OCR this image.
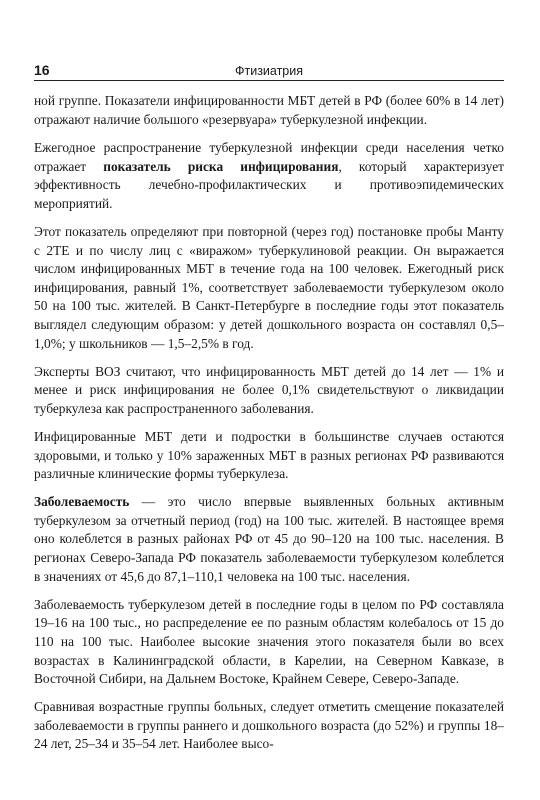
16	Фтизиатрия

ной группе. Показатели инфицированности МБТ детей в РФ (более 60% в 14 лет) отражают наличие большого «резервуара» туберкулезной инфекции.

Ежегодное распространение туберкулезной инфекции среди населения четко отражает показатель риска инфицирования, который характеризует эффективность лечебно-профилактических и противоэпидемических мероприятий.

Этот показатель определяют при повторной (через год) постановке пробы Манту с 2ТЕ и по числу лиц с «виражом» туберкулиновой реакции. Он выражается числом инфицированных МБТ в течение года на 100 человек. Ежегодный риск инфицирования, равный 1%, соответствует заболеваемости туберкулезом около 50 на 100 тыс. жителей. В Санкт-Петербурге в последние годы этот показатель выглядел следующим образом: у детей дошкольного возраста он составлял 0,5–1,0%; у школьников — 1,5–2,5% в год.

Эксперты ВОЗ считают, что инфицированность МБТ детей до 14 лет — 1% и менее и риск инфицирования не более 0,1% свидетельствуют о ликвидации туберкулеза как распространенного заболевания.

Инфицированные МБТ дети и подростки в большинстве случаев остаются здоровыми, и только у 10% зараженных МБТ в разных регионах РФ развиваются различные клинические формы туберкулеза.

Заболеваемость — это число впервые выявленных больных активным туберкулезом за отчетный период (год) на 100 тыс. жителей. В настоящее время оно колеблется в разных районах РФ от 45 до 90–120 на 100 тыс. населения. В регионах Северо-Запада РФ показатель заболеваемости туберкулезом колеблется в значениях от 45,6 до 87,1–110,1 человека на 100 тыс. населения.

Заболеваемость туберкулезом детей в последние годы в целом по РФ составляла 19–16 на 100 тыс., но распределение ее по разным областям колебалось от 15 до 110 на 100 тыс. Наиболее высокие значения этого показателя были во всех возрастах в Калининградской области, в Карелии, на Северном Кавказе, в Восточной Сибири, на Дальнем Востоке, Крайнем Севере, Северо-Западе.

Сравнивая возрастные группы больных, следует отметить смещение показателей заболеваемости в группы раннего и дошкольного возраста (до 52%) и группы 18–24 лет, 25–34 и 35–54 лет. Наиболее высо-
